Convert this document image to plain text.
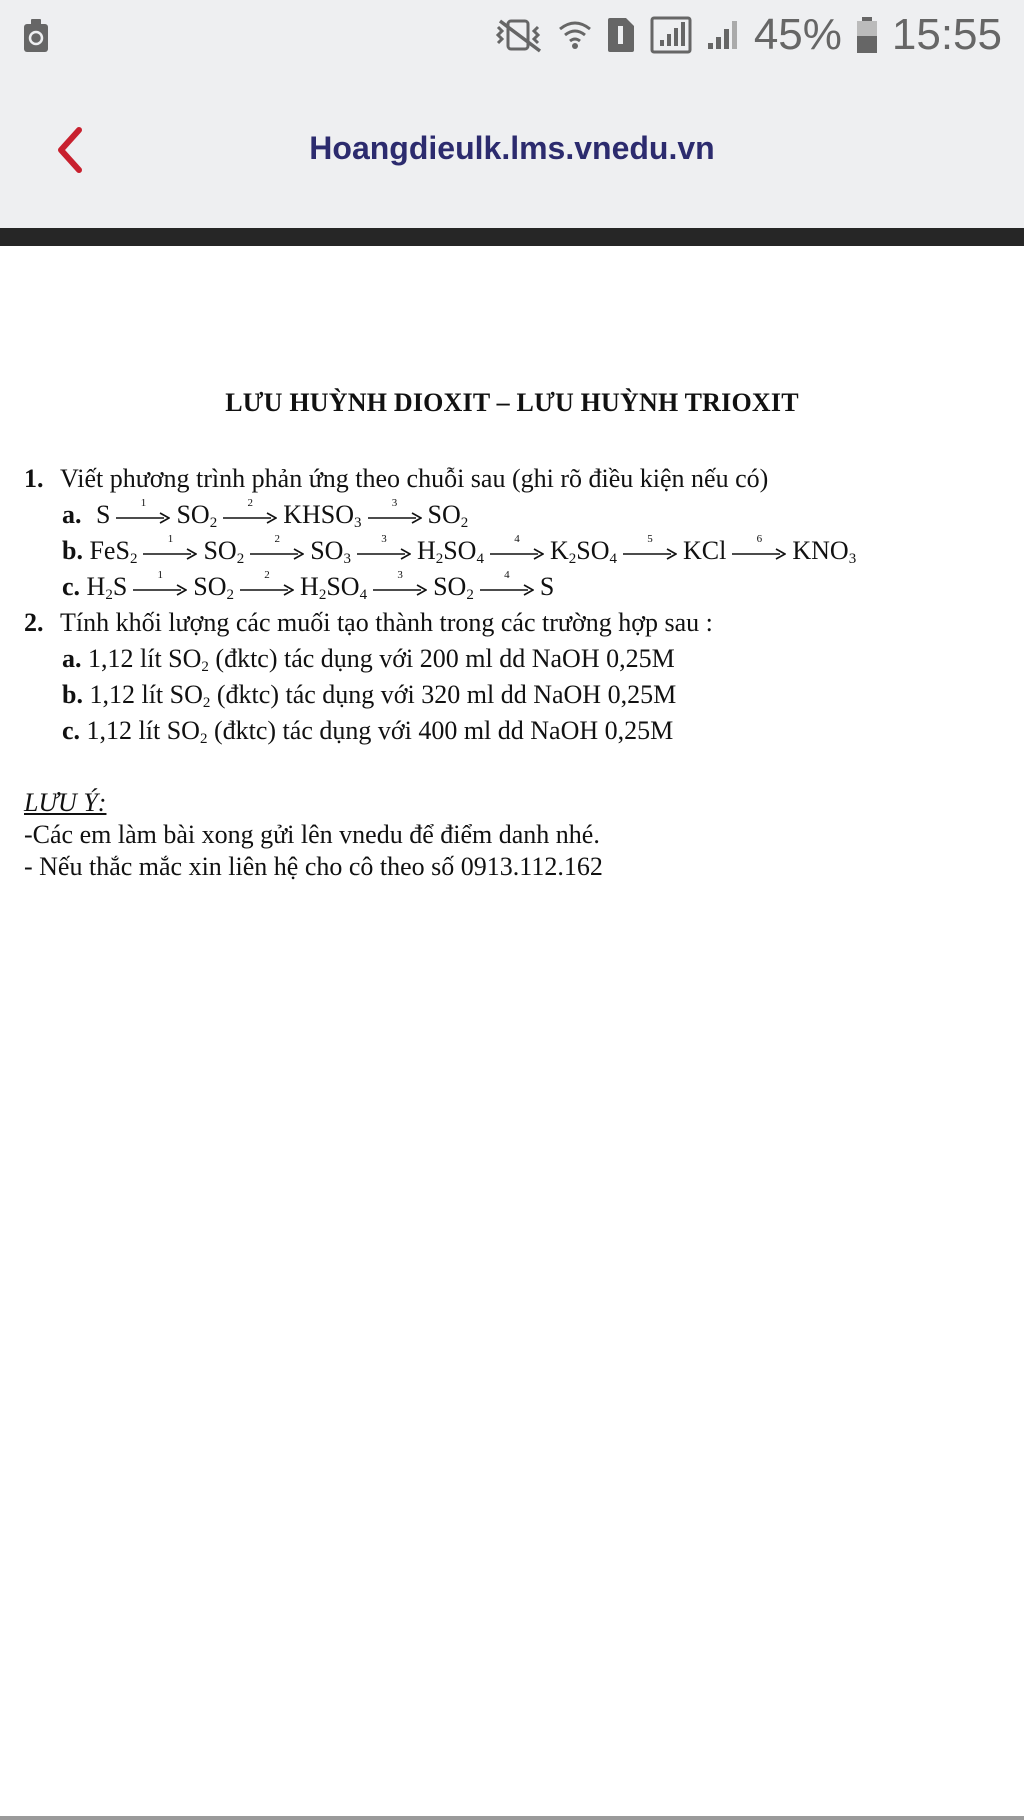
45% 15:55
Hoangdieulk.lms.vnedu.vn
LƯU HUỲNH DIOXIT – LƯU HUỲNH TRIOXIT
1. Viết phương trình phản ứng theo chuỗi sau (ghi rõ điều kiện nếu có)
a. S	1	$SO_2$
2	$KHSO_3$
3	$SO_2$
b. FeS$_2$
1	$SO_2$
2	$SO_3$
3	$H_2SO_4$
4	$K_2SO_4$
5	KCl	6	$KNO_3$
c. $H_2S$	1	$SO_2$
2	$H_2SO_4$
3	$SO_2$
4	S
2. Tính khối lượng các muối tạo thành trong các trường hợp sau :
a. 1,12 lít $SO_2$ (đktc) tác dụng với 200 ml dd NaOH 0,25M
b. 1,12 lít $SO_2$ (đktc) tác dụng với 320 ml dd NaOH 0,25M
c. 1,12 lít $SO_2$ (đktc) tác dụng với 400 ml dd NaOH 0,25M
LƯU Ý:
-Các em làm bài xong gửi lên vnedu để điểm danh nhé.
- Nếu thắc mắc xin liên hệ cho cô theo số 0913.112.162
